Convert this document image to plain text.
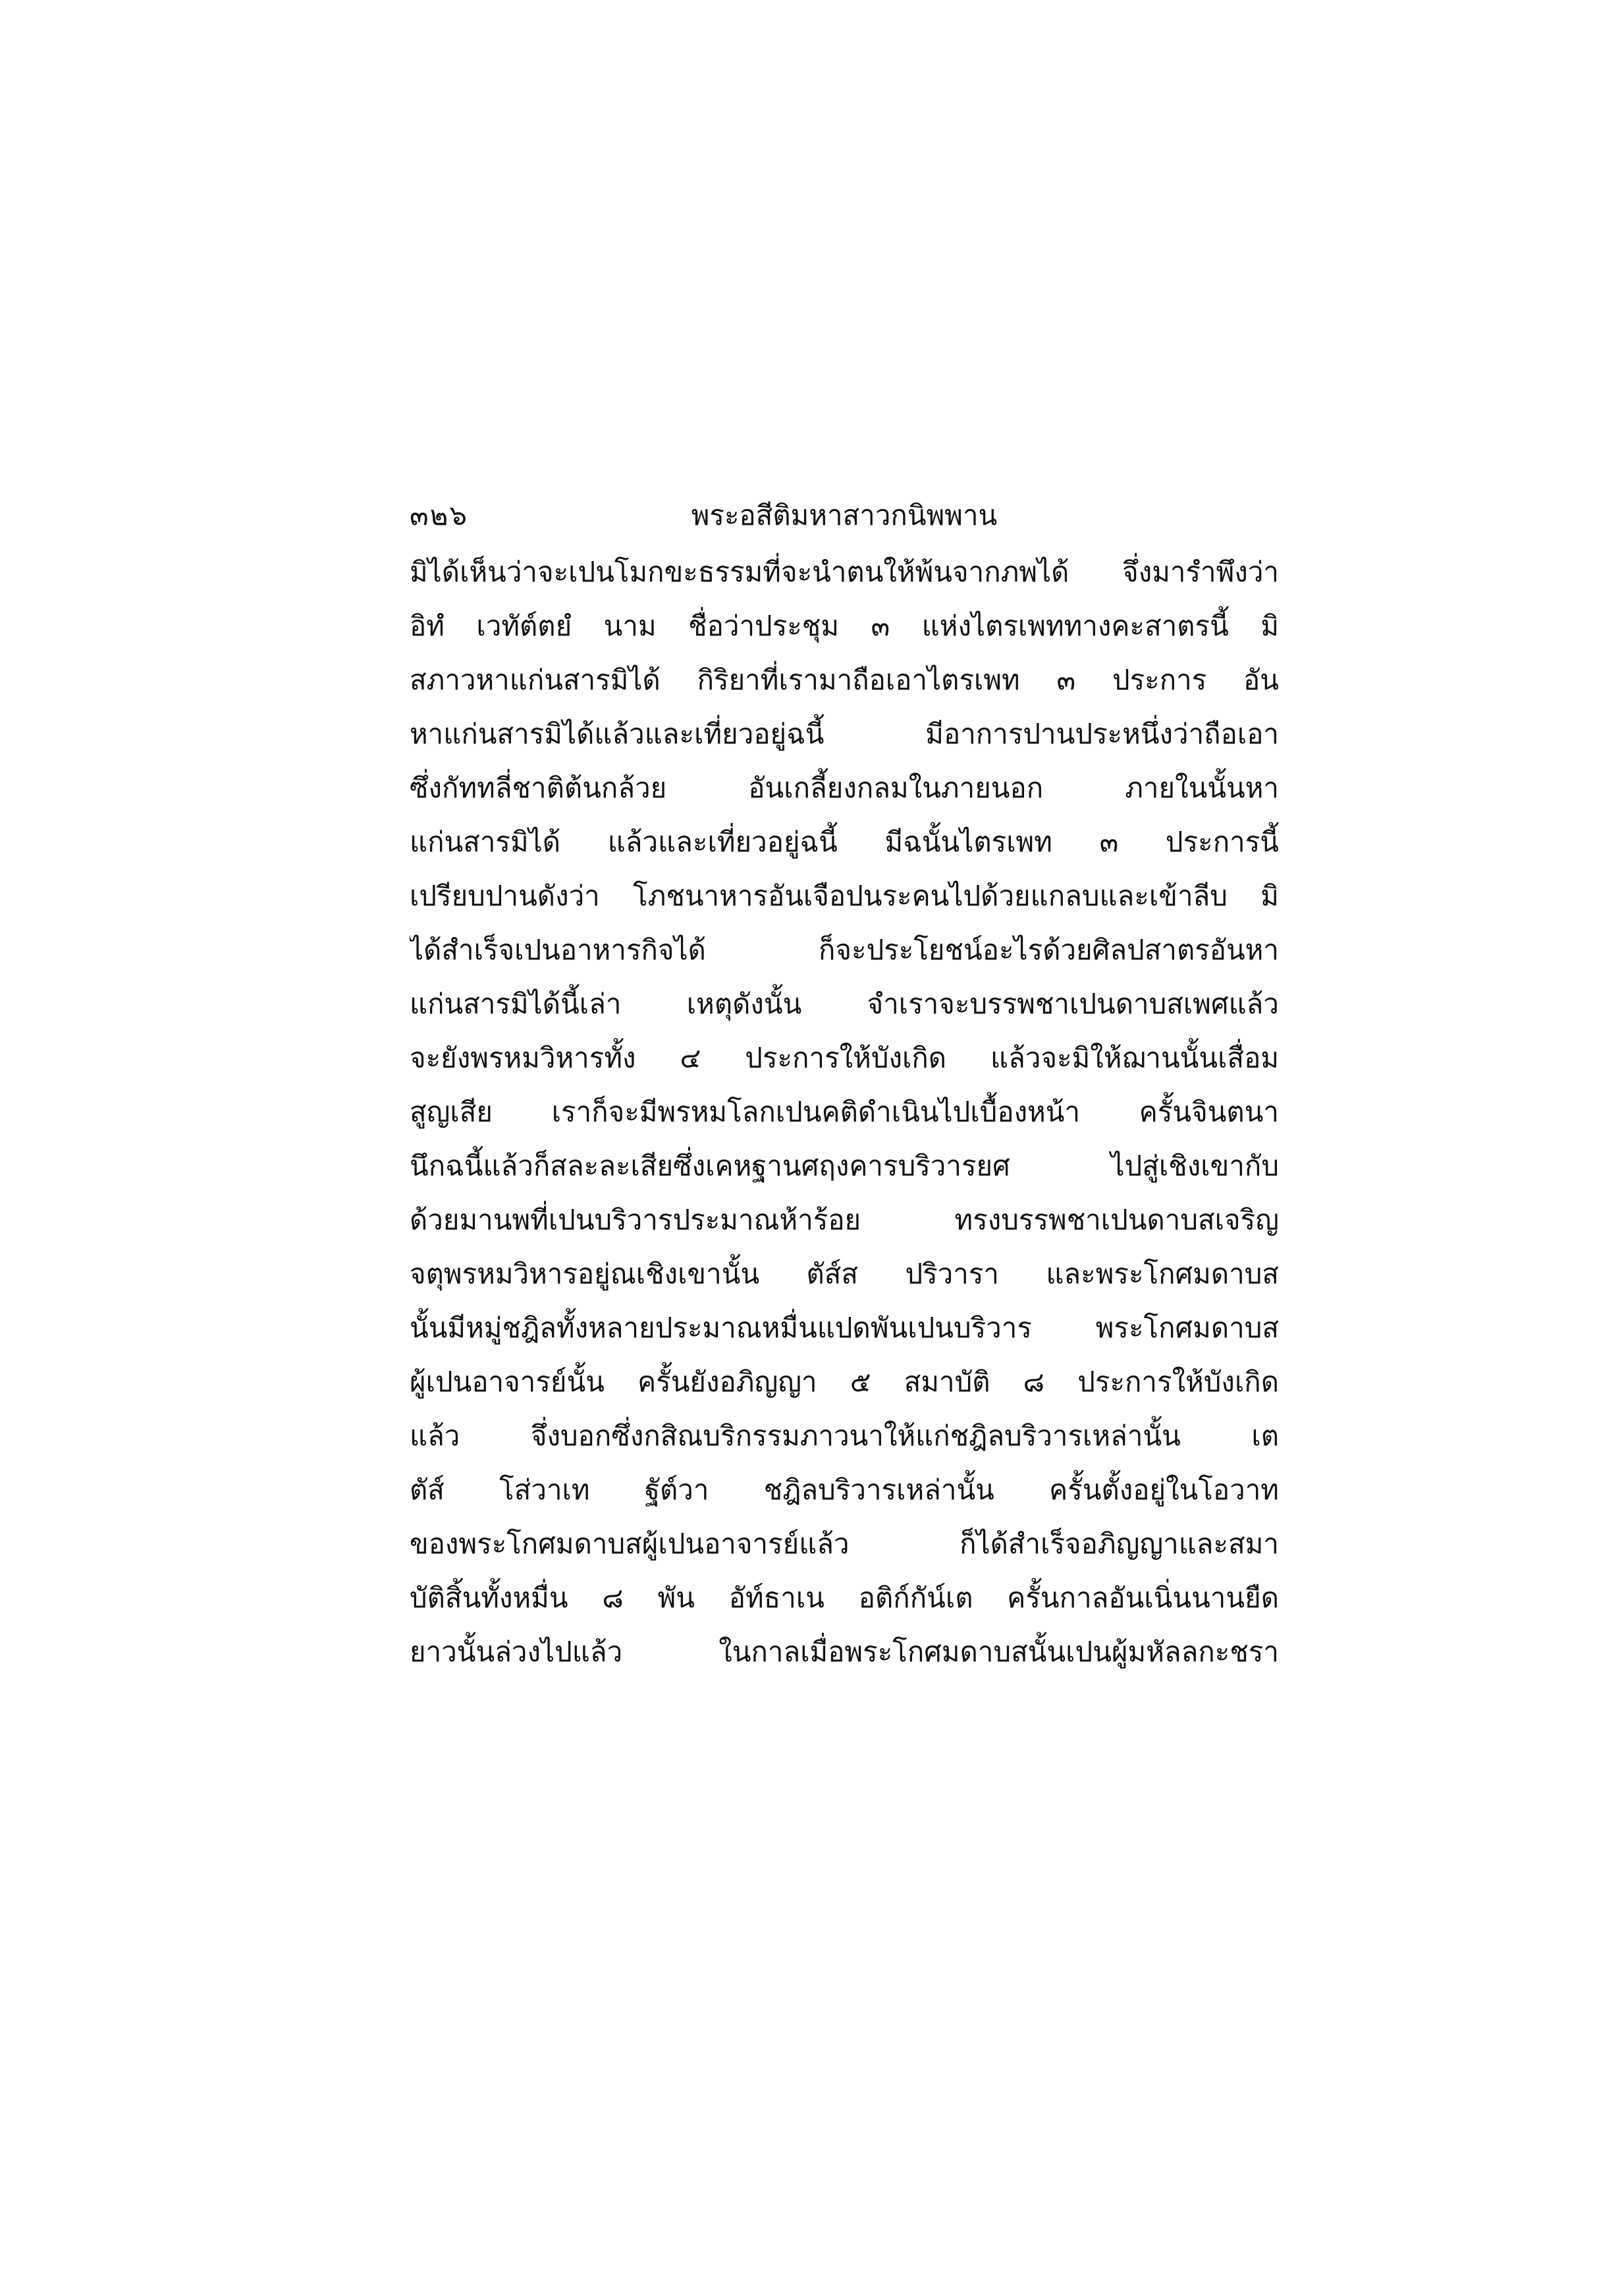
๓๒๖	พระอสีติมหาสาวกนิพพาน
มิได้เห็นว่าจะเปนโมกขะธรรมที่จะนำตนให้พ้นจากภพได้ จึ่งมารำพึงว่า
อิทํ เวทัต์ตยํ นาม ชื่อว่าประชุม ๓ แห่งไตรเพททางคะสาตรนี้ มิ
สภาวหาแก่นสารมิได้ กิริยาที่เรามาถือเอาไตรเพท ๓ ประการ อัน
หาแก่นสารมิได้แล้วและเที่ยวอยู่ฉนี้ มีอาการปานประหนึ่งว่าถือเอา
ซึ่งกัททลี่ชาติต้นกล้วย อันเกลี้ยงกลมในภายนอก ภายในนั้นหา
แก่นสารมิได้ แล้วและเที่ยวอยู่ฉนี้ มีฉนั้นไตรเพท ๓ ประการนี้
เปรียบปานดังว่า โภชนาหารอันเจือปนระคนไปด้วยแกลบและเข้าลีบ มิ
ได้สำเร็จเปนอาหารกิจได้ ก็จะประโยชน์อะไรด้วยศิลปสาตรอันหา
แก่นสารมิได้นี้เล่า เหตุดังนั้น จำเราจะบรรพชาเปนดาบสเพศแล้ว
จะยังพรหมวิหารทั้ง ๔ ประการให้บังเกิด แล้วจะมิให้ฌานนั้นเสื่อม
สูญเสีย เราก็จะมีพรหมโลกเปนคติดำเนินไปเบื้องหน้า ครั้นจินตนา
นึกฉนี้แล้วก็สละละเสียซึ่งเคหฐานศฤงคารบริวารยศ ไปสู่เชิงเขากับ
ด้วยมานพที่เปนบริวารประมาณห้าร้อย ทรงบรรพชาเปนดาบสเจริญ
จตุพรหมวิหารอยู่ณเชิงเขานั้น ตัส์ส ปริวารา และพระโกศมดาบส
นั้นมีหมู่ชฎิลทั้งหลายประมาณหมื่นแปดพันเปนบริวาร พระโกศมดาบส
ผู้เปนอาจารย์นั้น ครั้นยังอภิญญา ๕ สมาบัติ ๘ ประการให้บังเกิด
แล้ว จึ่งบอกซึ่งกสิณบริกรรมภาวนาให้แก่ชฎิลบริวารเหล่านั้น เต
ตัส์ โส่วาเท ฐัต์วา ชฎิลบริวารเหล่านั้น ครั้นตั้งอยู่ในโอวาท
ของพระโกศมดาบสผู้เปนอาจารย์แล้ว ก็ได้สำเร็จอภิญญาและสมา
บัติสิ้นทั้งหมื่น ๘ พัน อัท์ธาเน อติก์กัน์เต ครั้นกาลอันเนิ่นนานยืด
ยาวนั้นล่วงไปแล้ว ในกาลเมื่อพระโกศมดาบสนั้นเปนผู้มหัลลกะชรา
